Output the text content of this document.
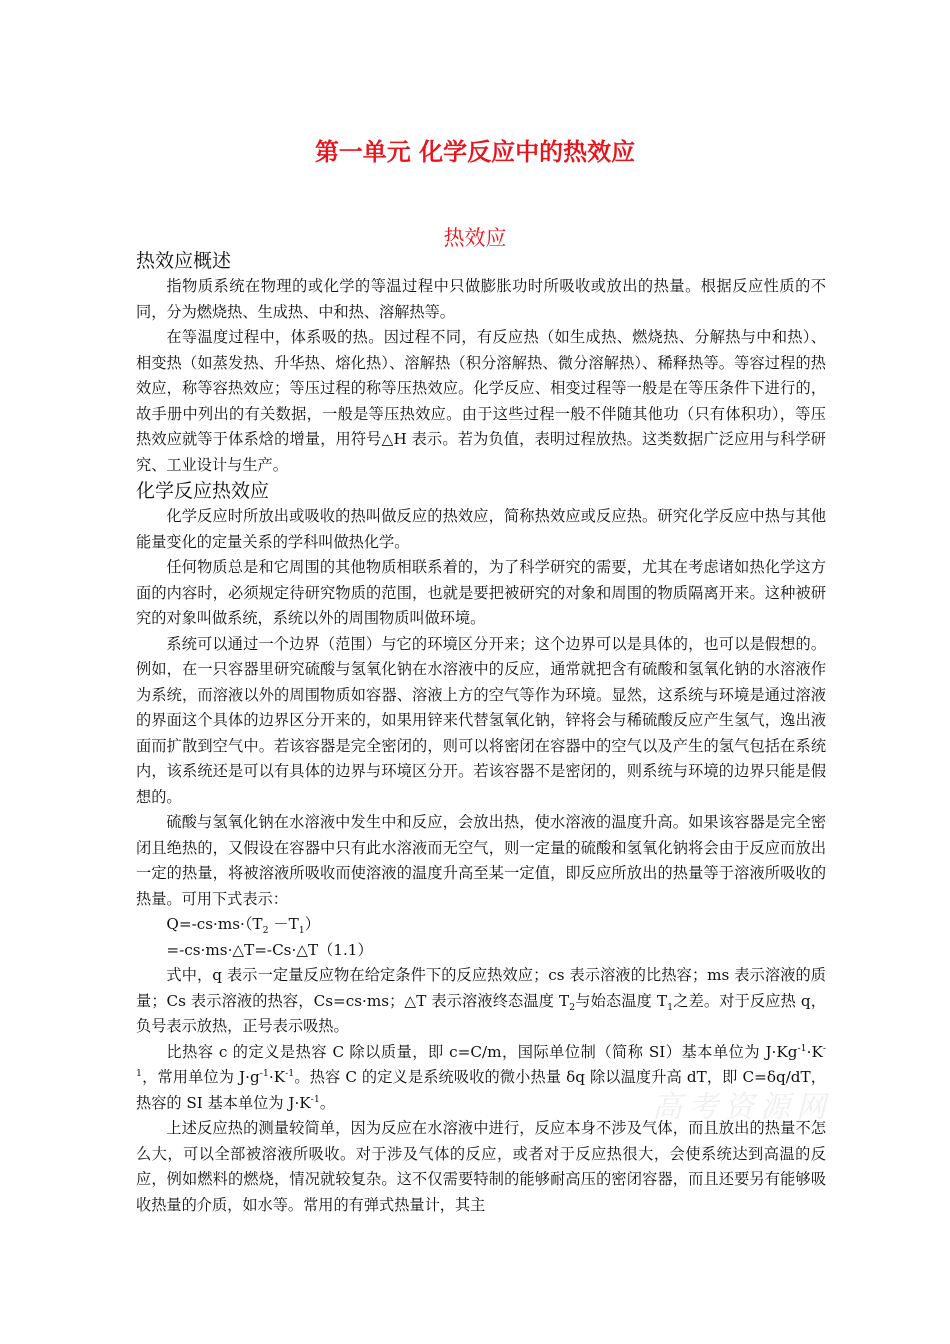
第一单元 化学反应中的热效应
热效应
热效应概述

指物质系统在物理的或化学的等温过程中只做膨胀功时所吸收或放出的热量。根据反应性质的不同，分为燃烧热、生成热、中和热、溶解热等。

在等温度过程中，体系吸的热。因过程不同，有反应热（如生成热、燃烧热、分解热与中和热）、相变热（如蒸发热、升华热、熔化热）、溶解热（积分溶解热、微分溶解热）、稀释热等。等容过程的热效应，称等容热效应；等压过程的称等压热效应。化学反应、相变过程等一般是在等压条件下进行的，故手册中列出的有关数据，一般是等压热效应。由于这些过程一般不伴随其他功（只有体积功），等压热效应就等于体系焓的增量，用符号△H 表示。若为负值，表明过程放热。这类数据广泛应用与科学研究、工业设计与生产。

化学反应热效应

化学反应时所放出或吸收的热叫做反应的热效应，简称热效应或反应热。研究化学反应中热与其他能量变化的定量关系的学科叫做热化学。

任何物质总是和它周围的其他物质相联系着的，为了科学研究的需要，尤其在考虑诸如热化学这方面的内容时，必须规定待研究物质的范围，也就是要把被研究的对象和周围的物质隔离开来。这种被研究的对象叫做系统，系统以外的周围物质叫做环境。

系统可以通过一个边界（范围）与它的环境区分开来；这个边界可以是具体的，也可以是假想的。例如，在一只容器里研究硫酸与氢氧化钠在水溶液中的反应，通常就把含有硫酸和氢氧化钠的水溶液作为系统，而溶液以外的周围物质如容器、溶液上方的空气等作为环境。显然，这系统与环境是通过溶液的界面这个具体的边界区分开来的，如果用锌来代替氢氧化钠，锌将会与稀硫酸反应产生氢气，逸出液面而扩散到空气中。若该容器是完全密闭的，则可以将密闭在容器中的空气以及产生的氢气包括在系统内，该系统还是可以有具体的边界与环境区分开。若该容器不是密闭的，则系统与环境的边界只能是假想的。

硫酸与氢氧化钠在水溶液中发生中和反应，会放出热，使水溶液的温度升高。如果该容器是完全密闭且绝热的，又假设在容器中只有此水溶液而无空气，则一定量的硫酸和氢氧化钠将会由于反应而放出一定的热量，将被溶液所吸收而使溶液的温度升高至某一定值，即反应所放出的热量等于溶液所吸收的热量。可用下式表示：

$Q=-cs\cdot ms\cdot(T_2 -T_1)$

=-cs·ms·△T=-Cs·△T（1.1）

式中，q 表示一定量反应物在给定条件下的反应热效应；cs 表示溶液的比热容；ms 表示溶液的质量；Cs 表示溶液的热容，Cs=cs·ms；△T 表示溶液终态温度 $T_2$与始态温度 $T_1$之差。对于反应热 q，负号表示放热，正号表示吸热。

比热容 c 的定义是热容 C 除以质量，即 c=C/m，国际单位制（简称 SI）基本单位为 $J\cdot Kg^{-1}\cdot K^{-1}$，常用单位为 $J\cdot g^{-1}\cdot K^{-1}$。热容 C 的定义是系统吸收的微小热量 δq 除以温度升高 dT，即 C=δq/dT，热容的 SI 基本单位为 $J\cdot K^{-1}$。

上述反应热的测量较简单，因为反应在水溶液中进行，反应本身不涉及气体，而且放出的热量不怎么大，可以全部被溶液所吸收。对于涉及气体的反应，或者对于反应热很大，会使系统达到高温的反应，例如燃料的燃烧，情况就较复杂。这不仅需要特制的能够耐高压的密闭容器，而且还要另有能够吸收热量的介质，如水等。常用的有弹式热量计，其主

高考资源网
